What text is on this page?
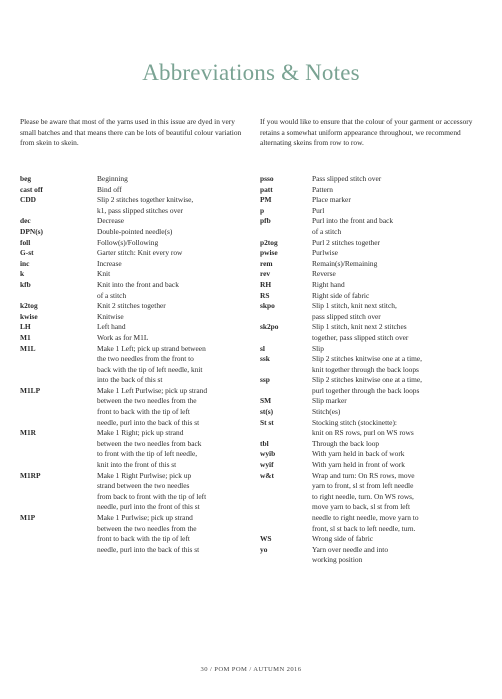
Abbreviations & Notes
Please be aware that most of the yarns used in this issue are dyed in very small batches and that means there can be lots of beautiful colour variation from skein to skein.
If you would like to ensure that the colour of your garment or accessory retains a somewhat uniform appearance throughout, we recommend alternating skeins from row to row.
beg	Beginning
cast off	Bind off
CDD	Slip 2 stitches together knitwise,
k1, pass slipped stitches over
dec	Decrease
DPN(s)	Double-pointed needle(s)
foll	Follow(s)/Following
G-st	Garter stitch: Knit every row
inc	Increase
k	Knit
kfb	Knit into the front and back
of a stitch
k2tog	Knit 2 stitches together
kwise	Knitwise
LH	Left hand
M1	Work as for M1L
M1L	Make 1 Left; pick up strand between
the two needles from the front to
back with the tip of left needle, knit
into the back of this st
M1LP	Make 1 Left Purlwise; pick up strand
between the two needles from the
front to back with the tip of left
needle, purl into the back of this st
M1R	Make 1 Right; pick up strand
between the two needles from back
to front with the tip of left needle,
knit into the front of this st
M1RP	Make 1 Right Purlwise; pick up
strand between the two needles
from back to front with the tip of left
needle, purl into the front of this st
M1P	Make 1 Purlwise; pick up strand
between the two needles from the
front to back with the tip of left
needle, purl into the back of this st
psso	Pass slipped stitch over
patt	Pattern
PM	Place marker
p	Purl
pfb	Purl into the front and back
of a stitch
p2tog	Purl 2 stitches together
pwise	Purlwise
rem	Remain(s)/Remaining
rev	Reverse
RH	Right hand
RS	Right side of fabric
skpo	Slip 1 stitch, knit next stitch,
pass slipped stitch over
sk2po	Slip 1 stitch, knit next 2 stitches
together, pass slipped stitch over
sl	Slip
ssk	Slip 2 stitches knitwise one at a time,
knit together through the back loops
ssp	Slip 2 stitches knitwise one at a time,
purl together through the back loops
SM	Slip marker
st(s)	Stitch(es)
St st	Stocking stitch (stockinette):
knit on RS rows, purl on WS rows
tbl	Through the back loop
wyib	With yarn held in back of work
wyif	With yarn held in front of work
w&t	Wrap and turn: On RS rows, move
yarn to front, sl st from left needle
to right needle, turn. On WS rows,
move yarn to back, sl st from left
needle to right needle, move yarn to
front, sl st back to left needle, turn.
WS	Wrong side of fabric
yo	Yarn over needle and into
working position
30 / POM POM / AUTUMN 2016
